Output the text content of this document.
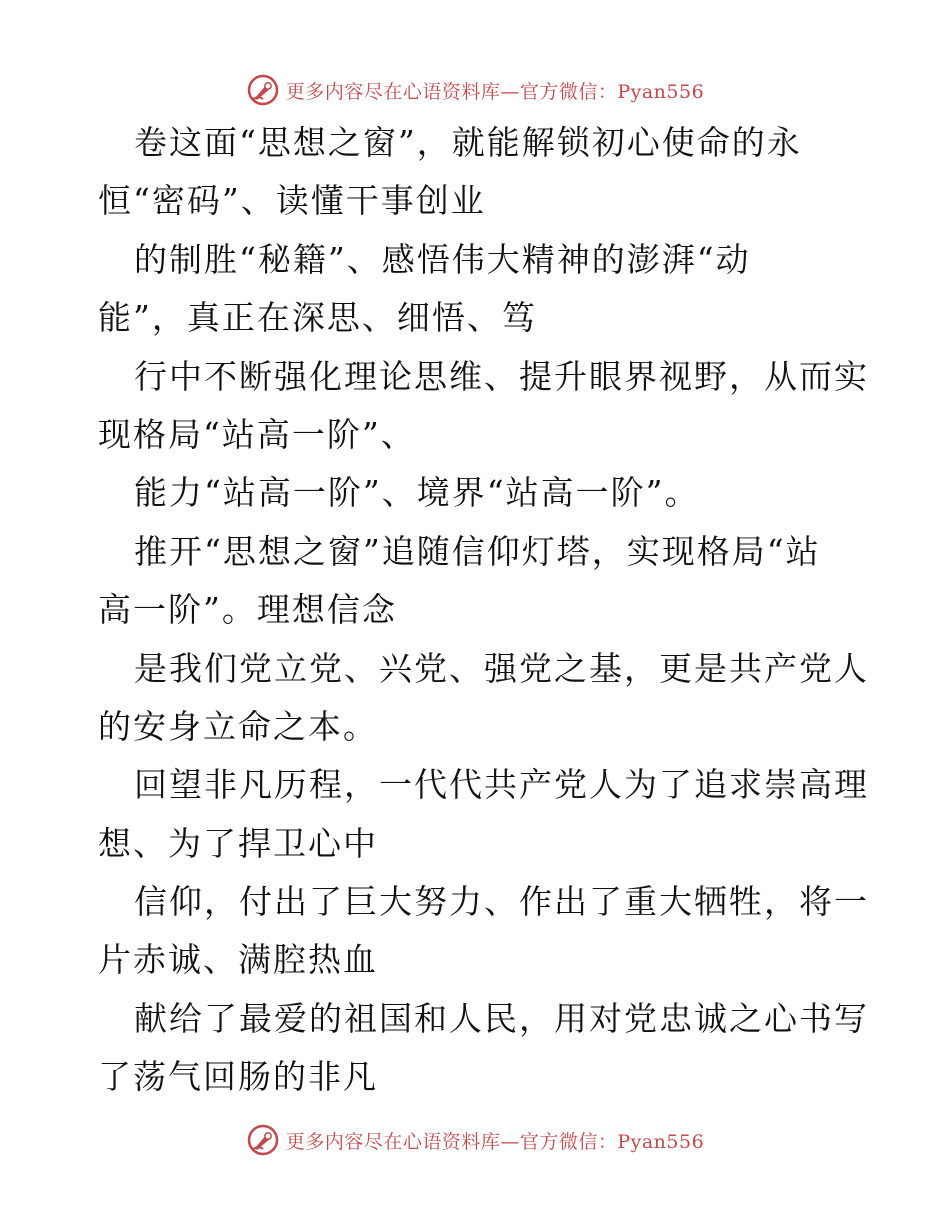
更多内容尽在心语资料库—官方微信：Pyan556
卷这面“思想之窗”，就能解锁初心使命的永
恒“密码”、读懂干事创业
的制胜“秘籍”、感悟伟大精神的澎湃“动
能”，真正在深思、细悟、笃
行中不断强化理论思维、提升眼界视野，从而实
现格局“站高一阶”、
能力“站高一阶”、境界“站高一阶”。
推开“思想之窗”追随信仰灯塔，实现格局“站
高一阶”。理想信念
是我们党立党、兴党、强党之基，更是共产党人
的安身立命之本。
回望非凡历程，一代代共产党人为了追求崇高理
想、为了捍卫心中
信仰，付出了巨大努力、作出了重大牺牲，将一
片赤诚、满腔热血
献给了最爱的祖国和人民，用对党忠诚之心书写
了荡气回肠的非凡
更多内容尽在心语资料库—官方微信：Pyan556
